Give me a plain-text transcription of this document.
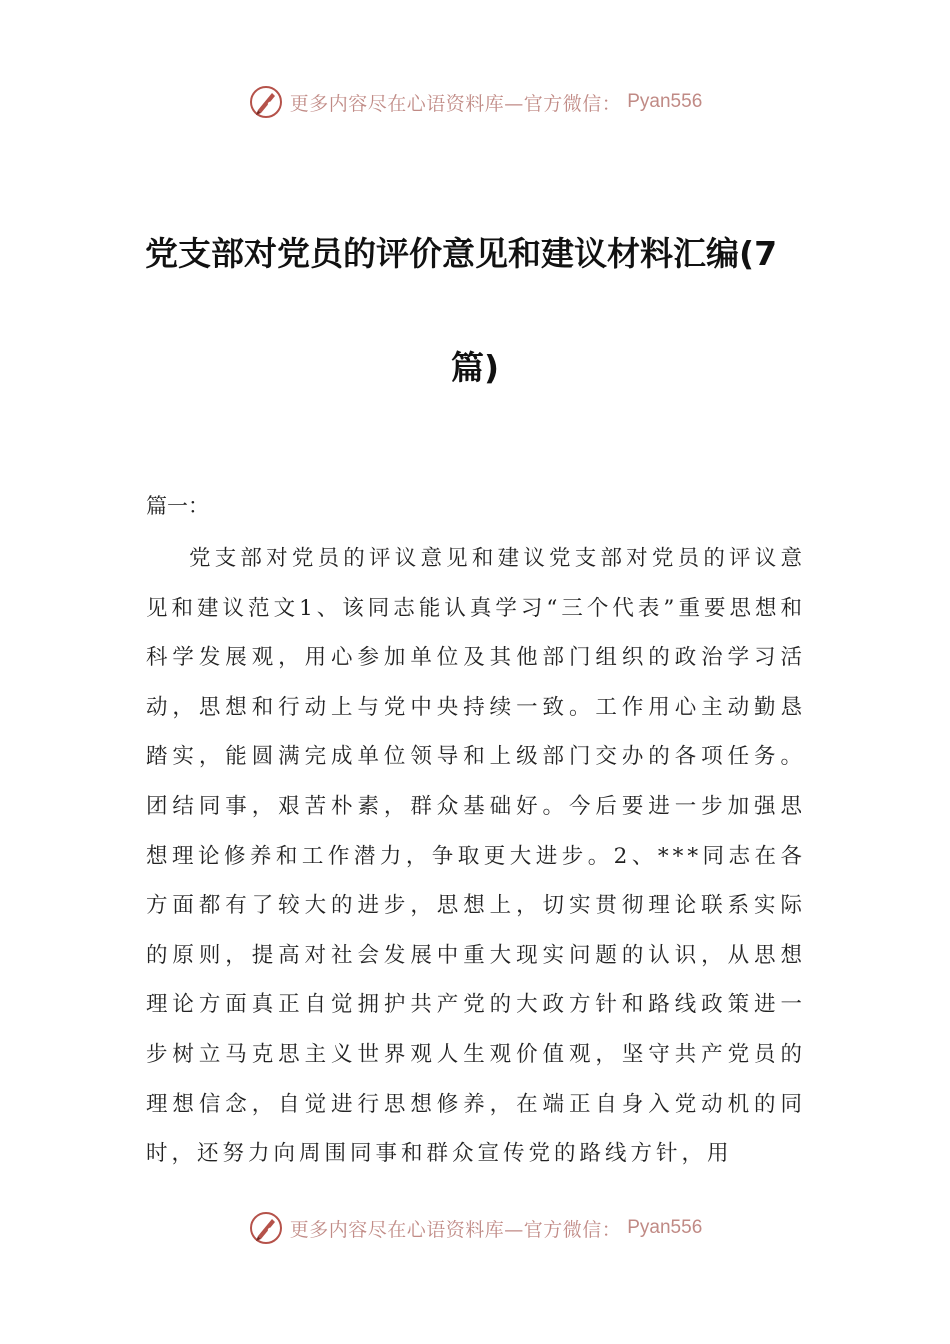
更多内容尽在心语资料库—官方微信： Pyan556
党支部对党员的评价意见和建议材料汇编(7
篇)
篇一：
党支部对党员的评议意见和建议党支部对党员的评议意见和建议范文1、该同志能认真学习“三个代表”重要思想和科学发展观，用心参加单位及其他部门组织的政治学习活动，思想和行动上与党中央持续一致。工作用心主动勤恳踏实，能圆满完成单位领导和上级部门交办的各项任务。团结同事，艰苦朴素，群众基础好。今后要进一步加强思想理论修养和工作潜力，争取更大进步。2、***同志在各方面都有了较大的进步，思想上，切实贯彻理论联系实际的原则，提高对社会发展中重大现实问题的认识，从思想理论方面真正自觉拥护共产党的大政方针和路线政策进一步树立马克思主义世界观人生观价值观，坚守共产党员的理想信念，自觉进行思想修养，在端正自身入党动机的同时，还努力向周围同事和群众宣传党的路线方针，用
更多内容尽在心语资料库—官方微信： Pyan556
